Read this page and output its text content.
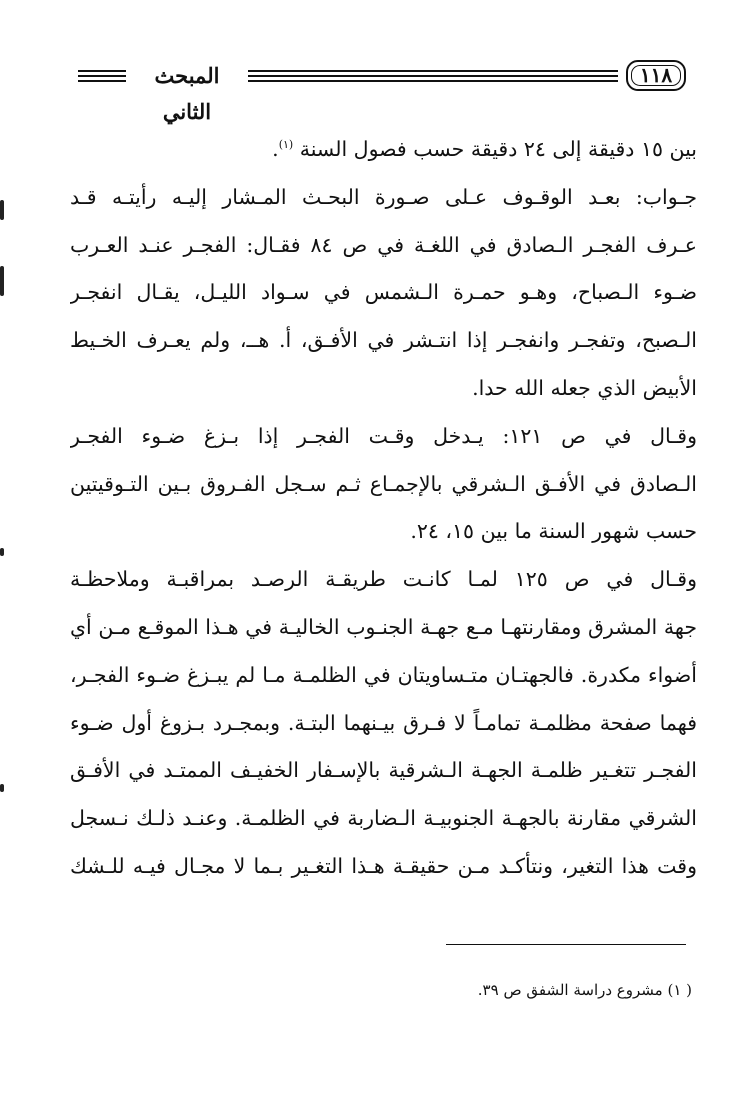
المبحث الثاني
١١٨
بين ١٥ دقيقة إلى ٢٤ دقيقة حسب فصول السنة $^{(١)}$.
جـواب: بعـد الوقـوف عـلى صـورة البحـث المـشار إليـه رأيتـه قـد
عـرف الفجـر الـصادق في اللغـة في ص ٨٤ فقـال: الفجـر عنـد العـرب
ضـوء الـصباح، وهـو حمـرة الـشمس في سـواد الليـل، يقـال انفجـر
الـصبح، وتفجـر وانفجـر إذا انتـشر في الأفـق، أ. هــ، ولم يعـرف الخـيط
الأبيض الذي جعله الله حدا.
وقـال في ص ١٢١: يـدخل وقـت الفجـر إذا بـزغ ضـوء الفجـر
الـصادق في الأفـق الـشرقي بالإجمـاع ثـم سـجل الفـروق بـين التـوقيتين
حسب شهور السنة ما بين ١٥، ٢٤.
وقـال في ص ١٢٥ لمـا كانـت طريقـة الرصـد بمراقبـة وملاحظـة
جهة المشرق ومقارنتهـا مـع جهـة الجنـوب الخاليـة في هـذا الموقـع مـن أي
أضواء مكدرة. فالجهتـان متـساويتان في الظلمـة مـا لم يبـزغ ضـوء الفجـر،
فهما صفحة مظلمـة تمامـاً لا فـرق بيـنهما البتـة. وبمجـرد بـزوغ أول ضـوء
الفجـر تتغـير ظلمـة الجهـة الـشرقية بالإسـفار الخفيـف الممتـد في الأفـق
الشرقي مقارنة بالجهـة الجنوبيـة الـضاربة في الظلمـة. وعنـد ذلـك نـسجل
وقت هذا التغير، ونتأكـد مـن حقيقـة هـذا التغـير بـما لا مجـال فيـه للـشك
( ١) مشروع دراسة الشفق ص ٣٩.
